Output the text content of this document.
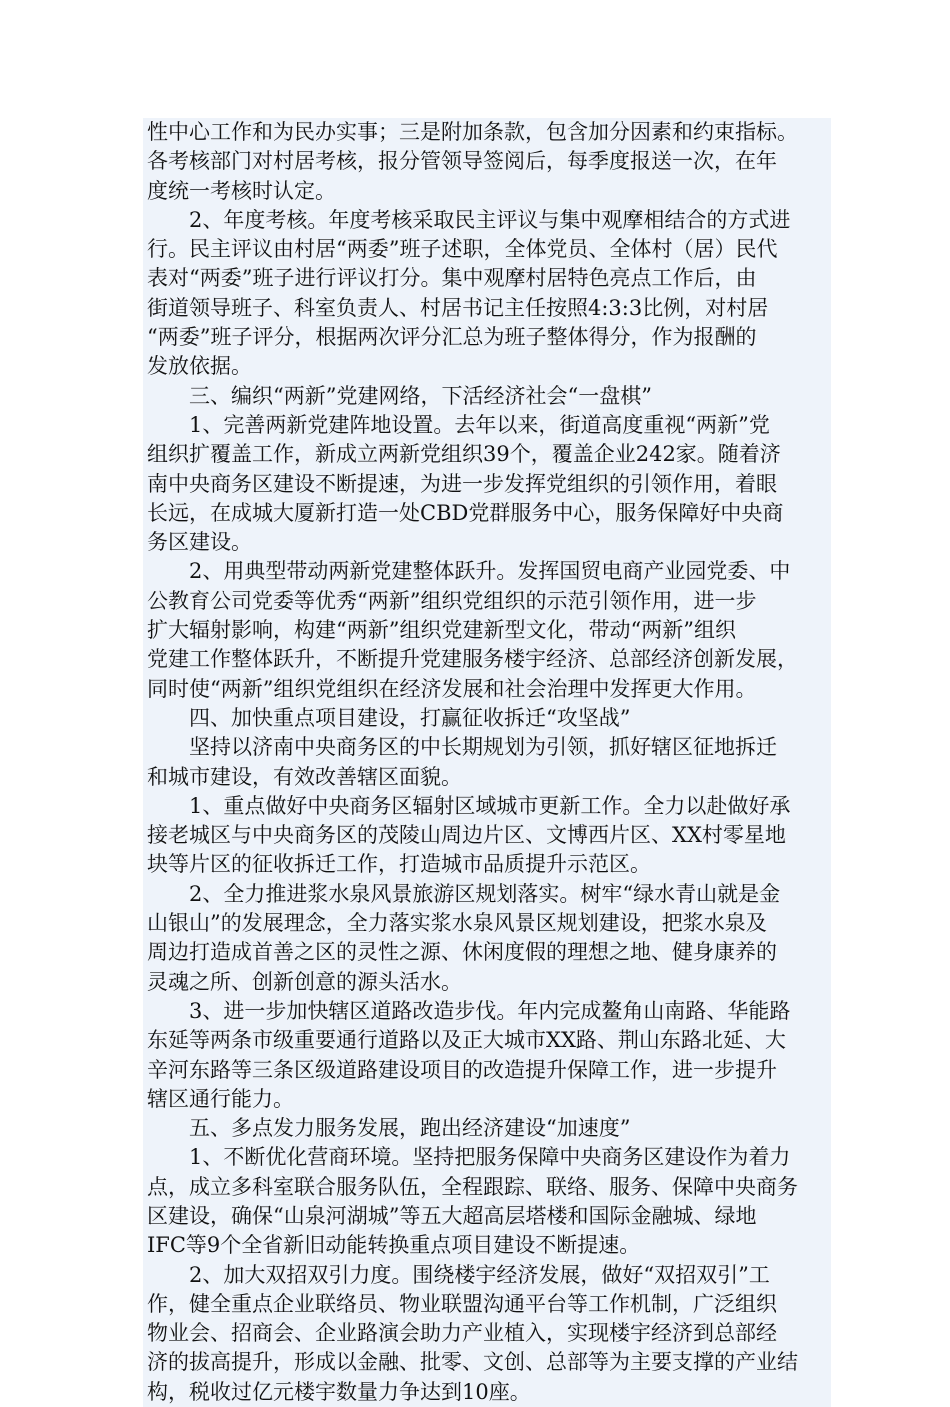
性中心工作和为民办实事；三是附加条款，包含加分因素和约束指标。
各考核部门对村居考核，报分管领导签阅后，每季度报送一次，在年
度统一考核时认定。
2、年度考核。年度考核采取民主评议与集中观摩相结合的方式进
行。民主评议由村居“两委”班子述职，全体党员、全体村（居）民代
表对“两委”班子进行评议打分。集中观摩村居特色亮点工作后，由
街道领导班子、科室负责人、村居书记主任按照4:3:3比例，对村居
“两委”班子评分，根据两次评分汇总为班子整体得分，作为报酬的
发放依据。
三、编织“两新”党建网络，下活经济社会“一盘棋”
1、完善两新党建阵地设置。去年以来，街道高度重视“两新”党
组织扩覆盖工作，新成立两新党组织39个，覆盖企业242家。随着济
南中央商务区建设不断提速，为进一步发挥党组织的引领作用，着眼
长远，在成城大厦新打造一处CBD党群服务中心，服务保障好中央商
务区建设。
2、用典型带动两新党建整体跃升。发挥国贸电商产业园党委、中
公教育公司党委等优秀“两新”组织党组织的示范引领作用，进一步
扩大辐射影响，构建“两新”组织党建新型文化，带动“两新”组织
党建工作整体跃升，不断提升党建服务楼宇经济、总部经济创新发展，
同时使“两新”组织党组织在经济发展和社会治理中发挥更大作用。
四、加快重点项目建设，打赢征收拆迁“攻坚战”
坚持以济南中央商务区的中长期规划为引领，抓好辖区征地拆迁
和城市建设，有效改善辖区面貌。
1、重点做好中央商务区辐射区域城市更新工作。全力以赴做好承
接老城区与中央商务区的茂陵山周边片区、文博西片区、XX村零星地
块等片区的征收拆迁工作，打造城市品质提升示范区。
2、全力推进浆水泉风景旅游区规划落实。树牢“绿水青山就是金
山银山”的发展理念，全力落实浆水泉风景区规划建设，把浆水泉及
周边打造成首善之区的灵性之源、休闲度假的理想之地、健身康养的
灵魂之所、创新创意的源头活水。
3、进一步加快辖区道路改造步伐。年内完成鳌角山南路、华能路
东延等两条市级重要通行道路以及正大城市XX路、荆山东路北延、大
辛河东路等三条区级道路建设项目的改造提升保障工作，进一步提升
辖区通行能力。
五、多点发力服务发展，跑出经济建设“加速度”
1、不断优化营商环境。坚持把服务保障中央商务区建设作为着力
点，成立多科室联合服务队伍，全程跟踪、联络、服务、保障中央商务
区建设，确保“山泉河湖城”等五大超高层塔楼和国际金融城、绿地
IFC等9个全省新旧动能转换重点项目建设不断提速。
2、加大双招双引力度。围绕楼宇经济发展，做好“双招双引”工
作，健全重点企业联络员、物业联盟沟通平台等工作机制，广泛组织
物业会、招商会、企业路演会助力产业植入，实现楼宇经济到总部经
济的拔高提升，形成以金融、批零、文创、总部等为主要支撑的产业结
构，税收过亿元楼宇数量力争达到10座。
